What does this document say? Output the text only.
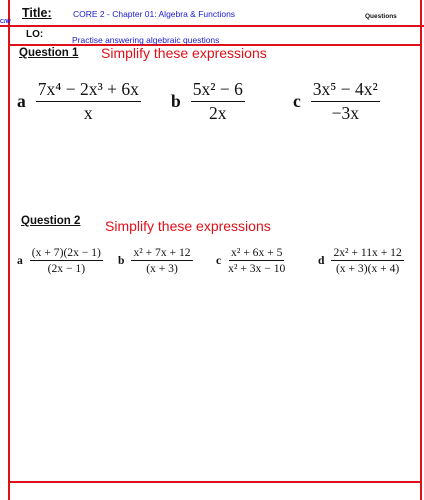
C/W
Title:	CORE 2 - Chapter 01: Algebra & Functions	Questions
LO:	Practise answering algebraic questions
Question 1 Simplify these expressions
a $\frac{\text{7x⁴ − 2x³ + 6x}}{x}$ b $\frac{\text{5x² − 6}}{2x}$	c $\frac{\text{3x⁵ − 4x²}}{-3x}$
Question 2 Simplify these expressions
a $\frac{(x + 7)(2x - 1)}{(2x - 1)}$ b $\frac{\text{x² + 7x + 12}}{(x + 3)}$ c $\frac{\text{x² + 6x + 5}}{\text{x² + 3x − 10}}$	d $\frac{\text{2x² + 11x + 12}}{(x + 3)(x + 4)}$
